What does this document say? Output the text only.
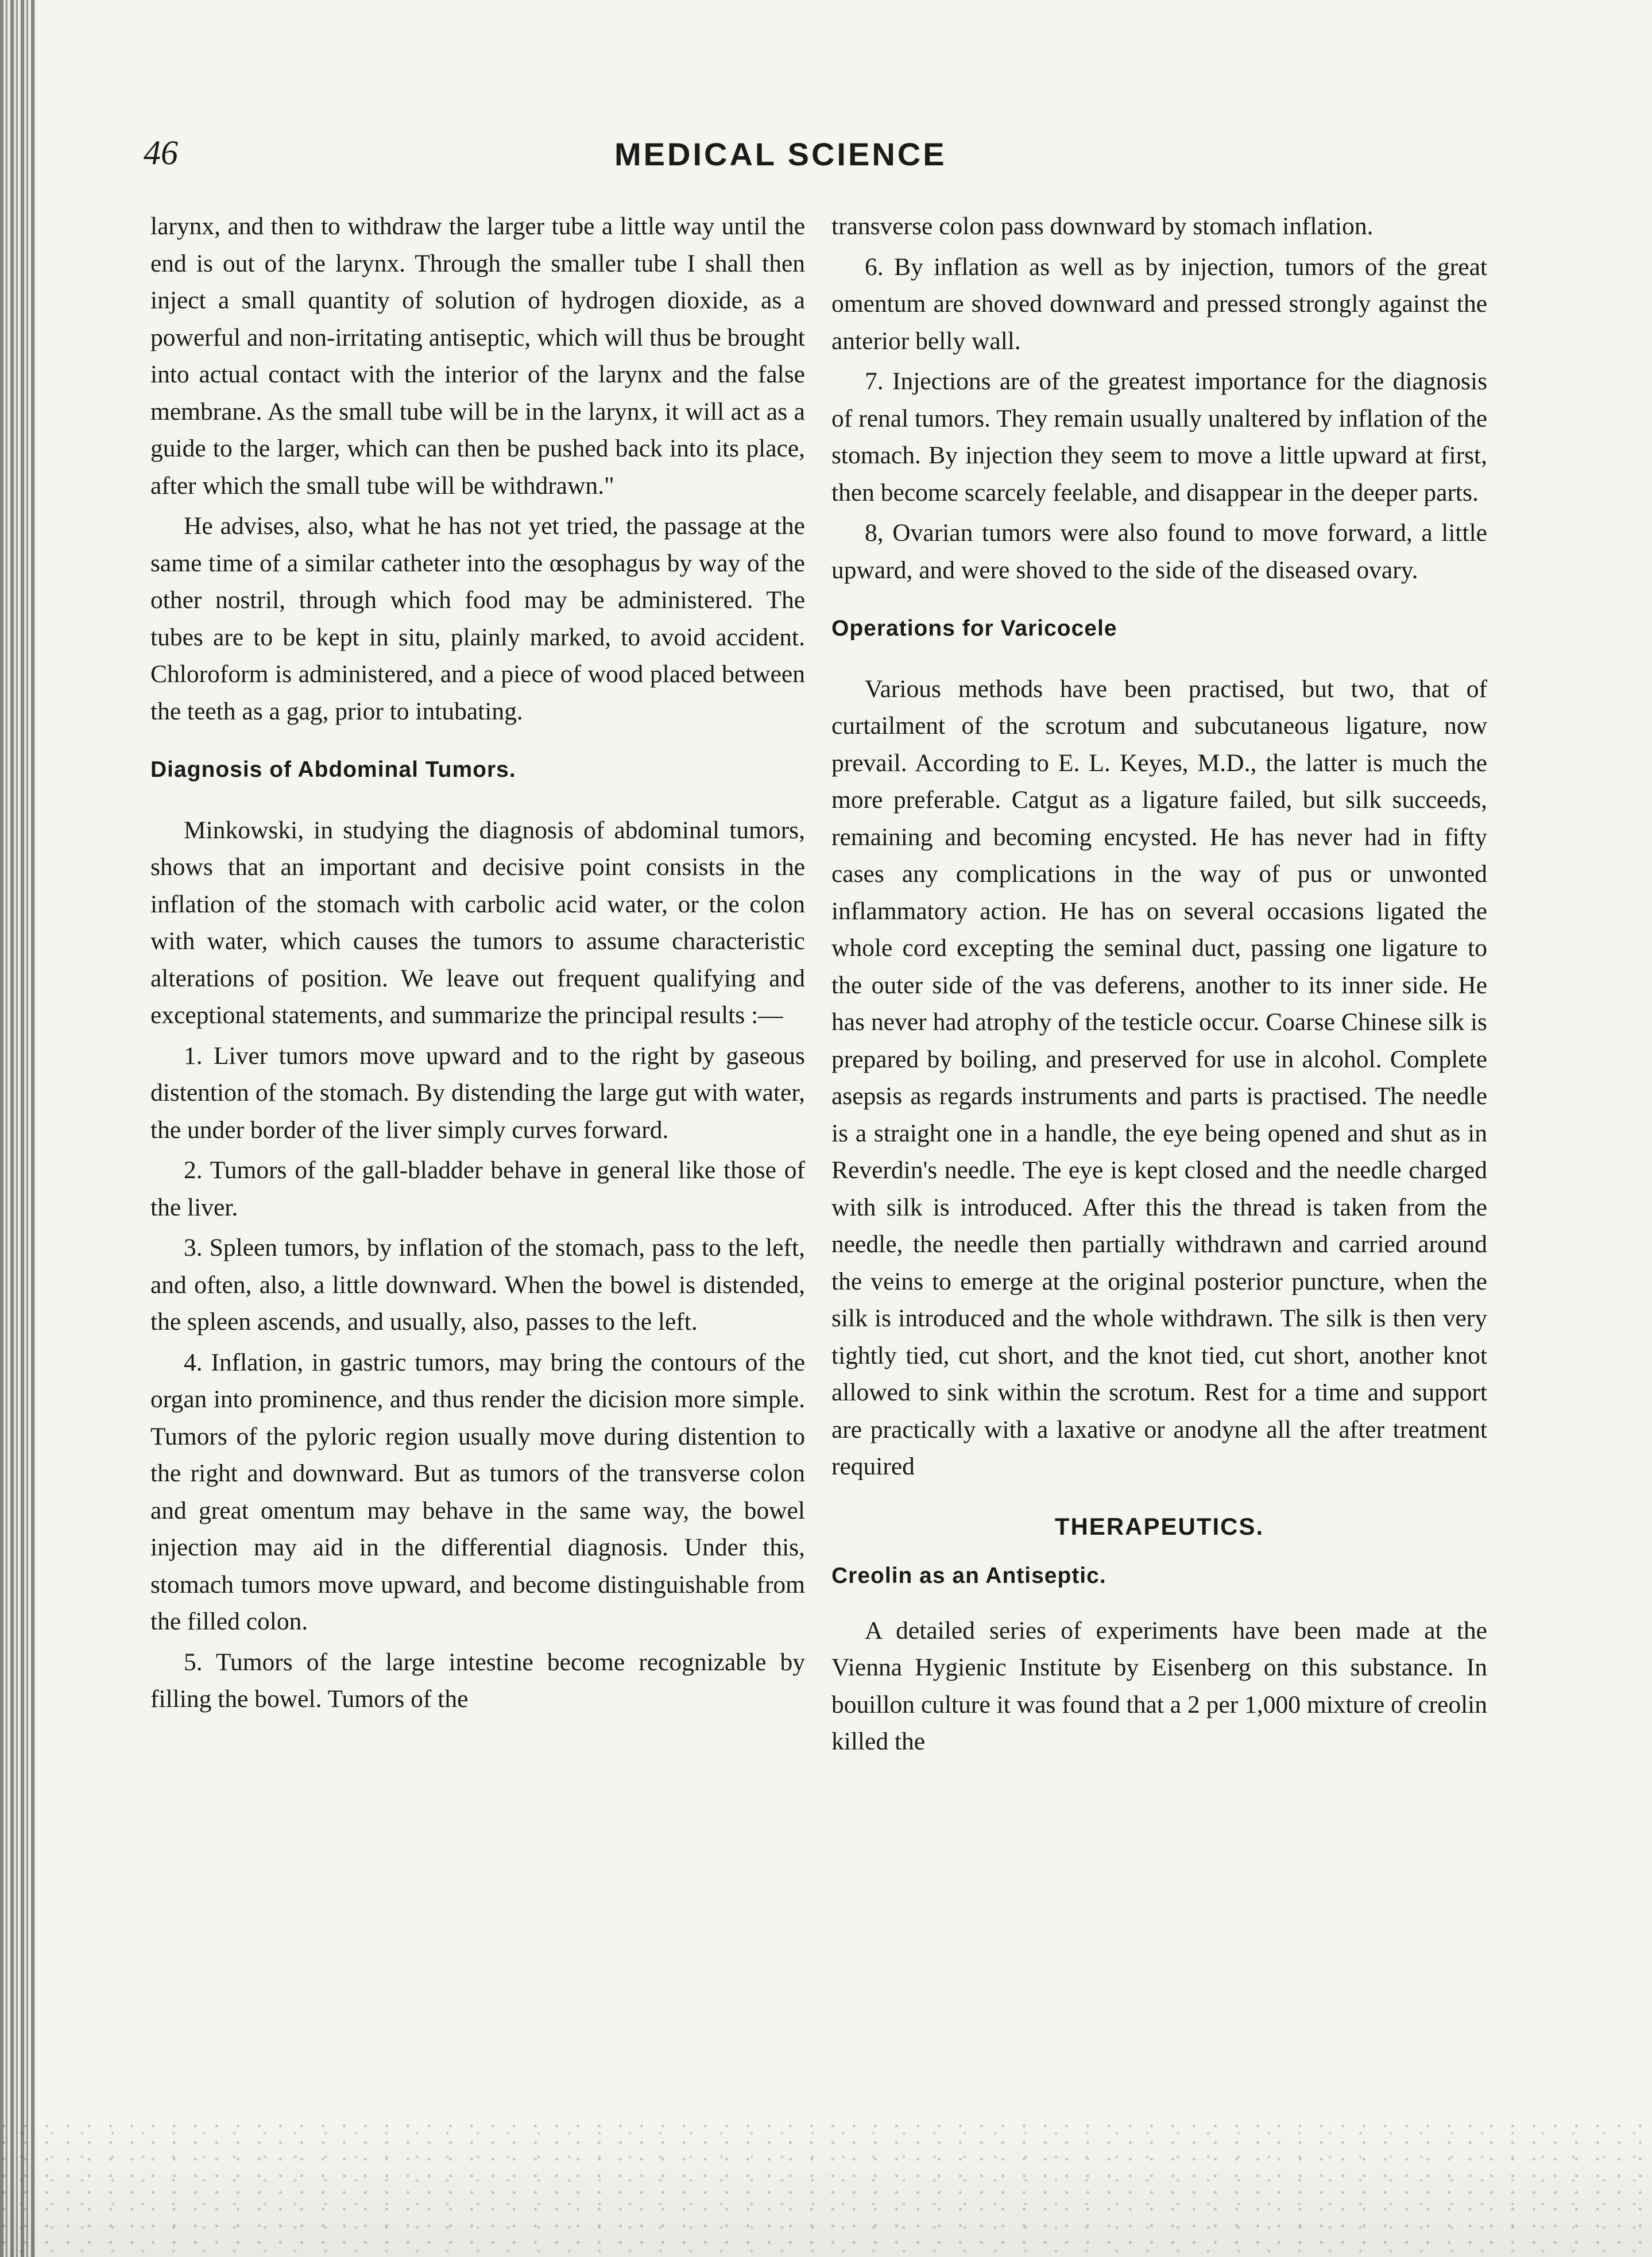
46	MEDICAL SCIENCE

larynx, and then to withdraw the larger tube a little way until the end is out of the larynx. Through the smaller tube I shall then inject a small quantity of solution of hydrogen dioxide, as a powerful and non-irritating antiseptic, which will thus be brought into actual contact with the interior of the larynx and the false membrane. As the small tube will be in the larynx, it will act as a guide to the larger, which can then be pushed back into its place, after which the small tube will be withdrawn."

He advises, also, what he has not yet tried, the passage at the same time of a similar catheter into the œsophagus by way of the other nostril, through which food may be administered. The tubes are to be kept in situ, plainly marked, to avoid accident. Chloroform is administered, and a piece of wood placed between the teeth as a gag, prior to intubating.

Diagnosis of Abdominal Tumors.

Minkowski, in studying the diagnosis of abdominal tumors, shows that an important and decisive point consists in the inflation of the stomach with carbolic acid water, or the colon with water, which causes the tumors to assume characteristic alterations of position. We leave out frequent qualifying and exceptional statements, and summarize the principal results :—

1. Liver tumors move upward and to the right by gaseous distention of the stomach. By distending the large gut with water, the under border of the liver simply curves forward.

2. Tumors of the gall-bladder behave in general like those of the liver.

3. Spleen tumors, by inflation of the stomach, pass to the left, and often, also, a little downward. When the bowel is distended, the spleen ascends, and usually, also, passes to the left.

4. Inflation, in gastric tumors, may bring the contours of the organ into prominence, and thus render the dicision more simple. Tumors of the pyloric region usually move during distention to the right and downward. But as tumors of the transverse colon and great omentum may behave in the same way, the bowel injection may aid in the differential diagnosis. Under this, stomach tumors move upward, and become distinguishable from the filled colon.

5. Tumors of the large intestine become recognizable by filling the bowel. Tumors of the

transverse colon pass downward by stomach inflation.

6. By inflation as well as by injection, tumors of the great omentum are shoved downward and pressed strongly against the anterior belly wall.

7. Injections are of the greatest importance for the diagnosis of renal tumors. They remain usually unaltered by inflation of the stomach. By injection they seem to move a little upward at first, then become scarcely feelable, and disappear in the deeper parts.

8, Ovarian tumors were also found to move forward, a little upward, and were shoved to the side of the diseased ovary.

Operations for Varicocele

Various methods have been practised, but two, that of curtailment of the scrotum and subcutaneous ligature, now prevail. According to E. L. Keyes, M.D., the latter is much the more preferable. Catgut as a ligature failed, but silk succeeds, remaining and becoming encysted. He has never had in fifty cases any complications in the way of pus or unwonted inflammatory action. He has on several occasions ligated the whole cord excepting the seminal duct, passing one ligature to the outer side of the vas deferens, another to its inner side. He has never had atrophy of the testicle occur. Coarse Chinese silk is prepared by boiling, and preserved for use in alcohol. Complete asepsis as regards instruments and parts is practised. The needle is a straight one in a handle, the eye being opened and shut as in Reverdin's needle. The eye is kept closed and the needle charged with silk is introduced. After this the thread is taken from the needle, the needle then partially withdrawn and carried around the veins to emerge at the original posterior puncture, when the silk is introduced and the whole withdrawn. The silk is then very tightly tied, cut short, and the knot tied, cut short, another knot allowed to sink within the scrotum. Rest for a time and support are practically with a laxative or anodyne all the after treatment required

THERAPEUTICS.
Creolin as an Antiseptic.

A detailed series of experiments have been made at the Vienna Hygienic Institute by Eisenberg on this substance. In bouillon culture it was found that a 2 per 1,000 mixture of creolin killed the
